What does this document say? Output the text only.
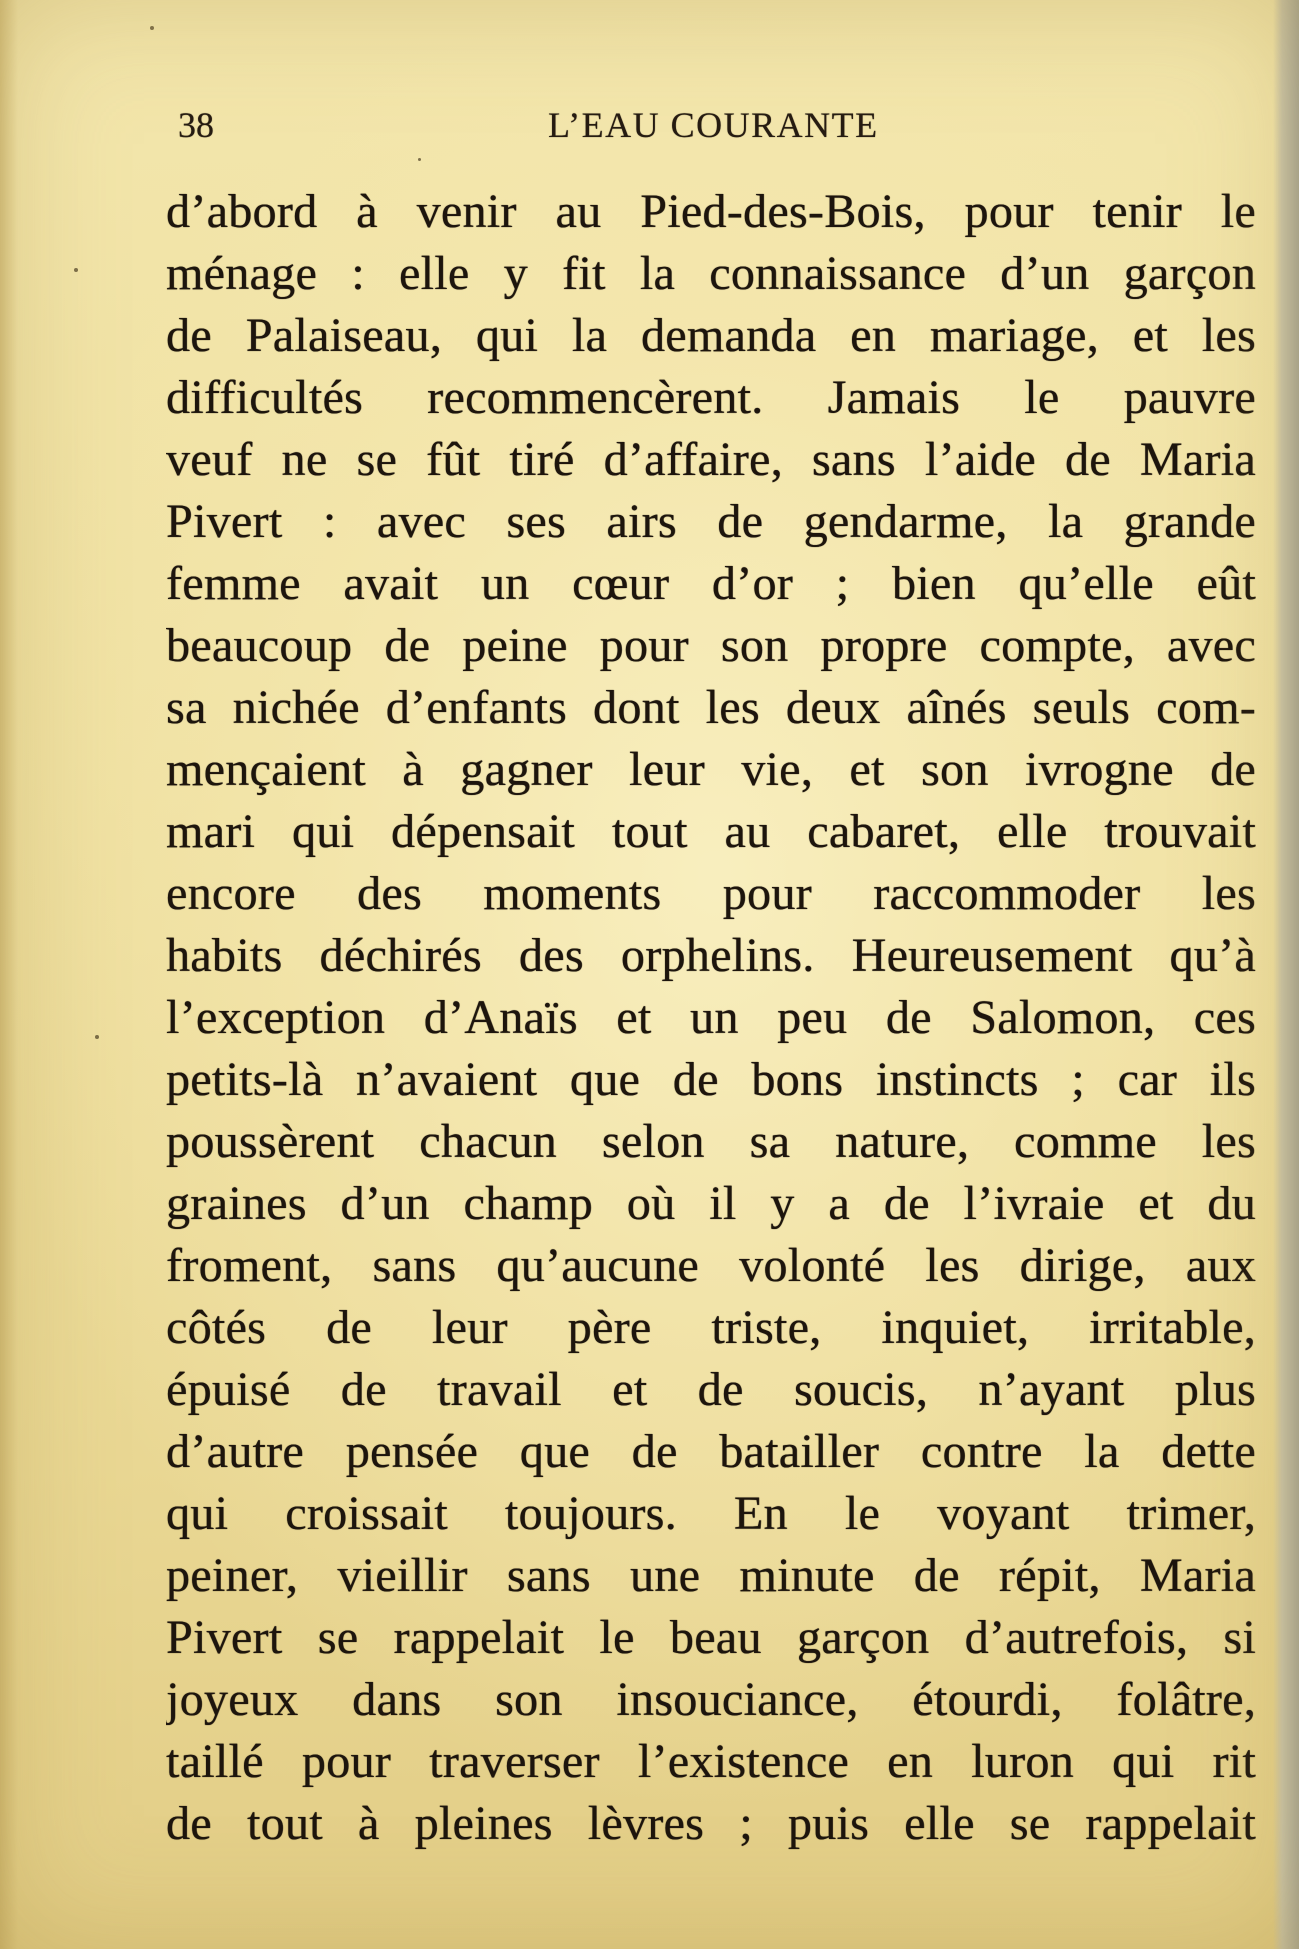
38	L’EAU COURANTE
d’abord à venir au Pied-des-Bois, pour tenir le
ménage : elle y fit la connaissance d’un garçon
de Palaiseau, qui la demanda en mariage, et les
difficultés recommencèrent. Jamais le pauvre
veuf ne se fût tiré d’affaire, sans l’aide de Maria
Pivert : avec ses airs de gendarme, la grande
femme avait un cœur d’or ; bien qu’elle eût
beaucoup de peine pour son propre compte, avec
sa nichée d’enfants dont les deux aînés seuls com-
mençaient à gagner leur vie, et son ivrogne de
mari qui dépensait tout au cabaret, elle trouvait
encore des moments pour raccommoder les
habits déchirés des orphelins. Heureusement qu’à
l’exception d’Anaïs et un peu de Salomon, ces
petits-là n’avaient que de bons instincts ; car ils
poussèrent chacun selon sa nature, comme les
graines d’un champ où il y a de l’ivraie et du
froment, sans qu’aucune volonté les dirige, aux
côtés de leur père triste, inquiet, irritable,
épuisé de travail et de soucis, n’ayant plus
d’autre pensée que de batailler contre la dette
qui croissait toujours. En le voyant trimer,
peiner, vieillir sans une minute de répit, Maria
Pivert se rappelait le beau garçon d’autrefois, si
joyeux dans son insouciance, étourdi, folâtre,
taillé pour traverser l’existence en luron qui rit
de tout à pleines lèvres ; puis elle se rappelait
